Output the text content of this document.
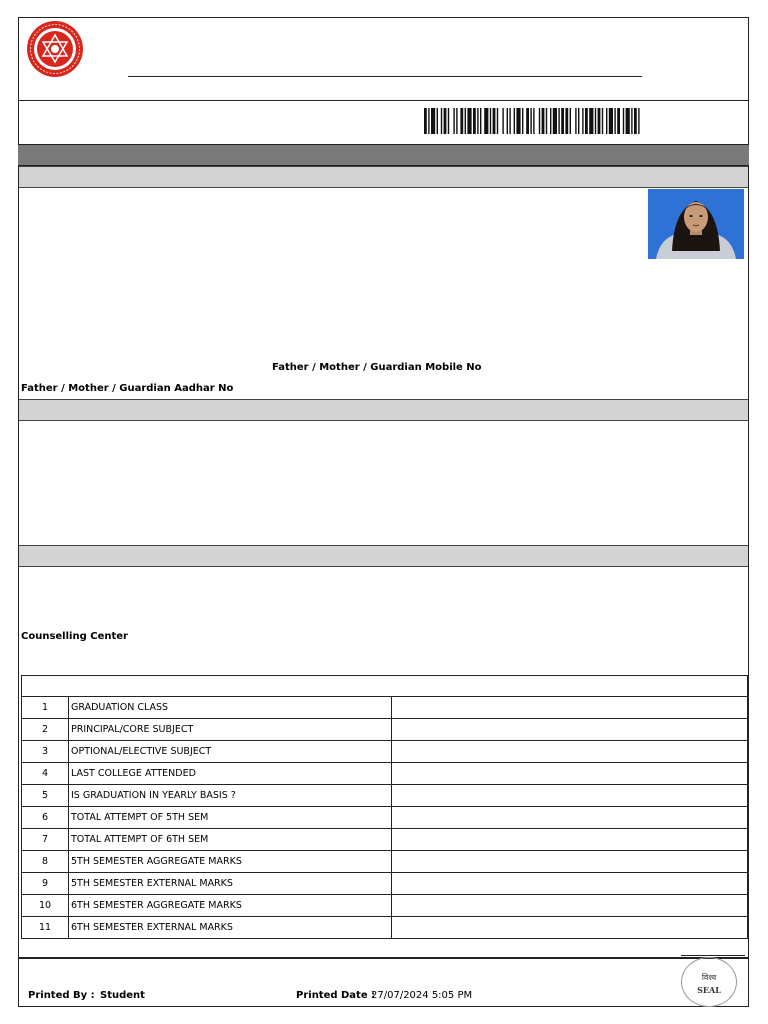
Father / Mother / Guardian Mobile No
Father / Mother / Guardian Aadhar No
Counselling Center

1	GRADUATION CLASS	
2	PRINCIPAL/CORE SUBJECT	
3	OPTIONAL/ELECTIVE SUBJECT	
4	LAST COLLEGE ATTENDED	
5	IS GRADUATION IN YEARLY BASIS ?	
6	TOTAL ATTEMPT OF 5TH SEM	
7	TOTAL ATTEMPT OF 6TH SEM	
8	5TH SEMESTER AGGREGATE MARKS	
9	5TH SEMESTER EXTERNAL MARKS	
10	6TH SEMESTER AGGREGATE MARKS	
11	6TH SEMESTER EXTERNAL MARKS	
Printed By : Student	Printed Date :
27/07/2024 5:05 PM
विश्व
SEAL
